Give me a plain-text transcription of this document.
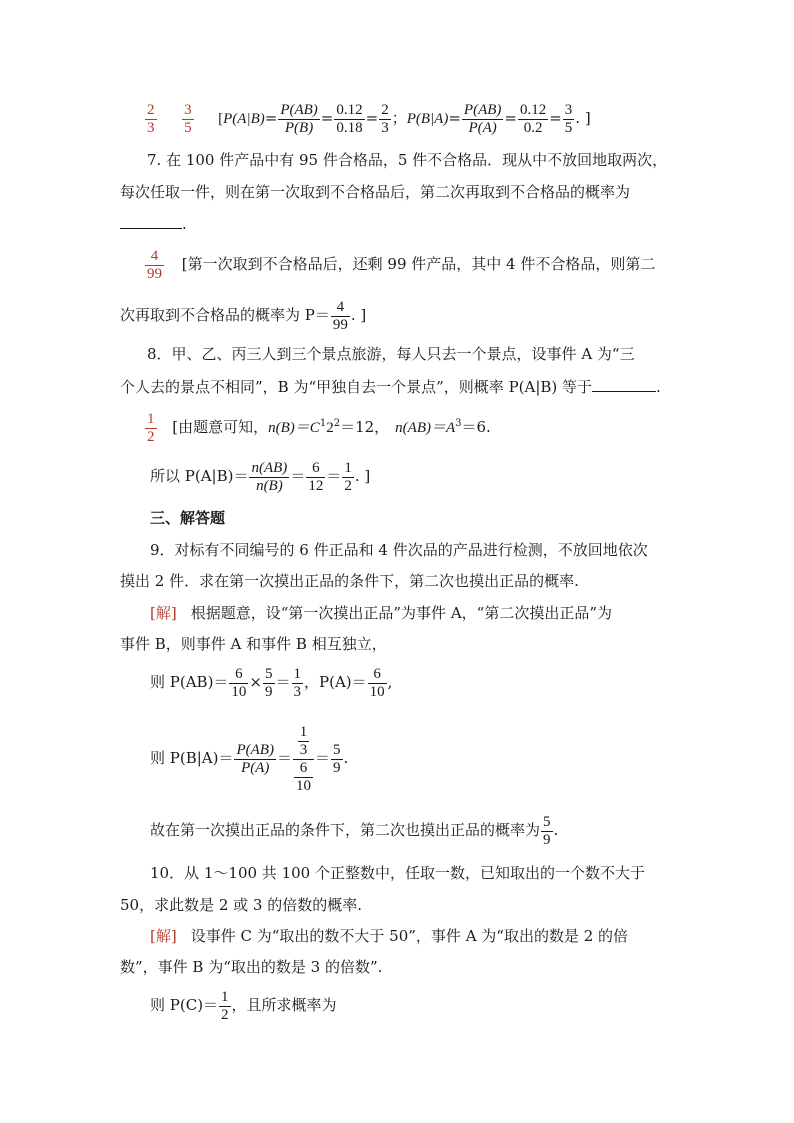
$\frac{2}{3}$
$\frac{3}{5} [P(A|B)= \frac{P(AB)}{P(B)} = \frac{0.12}{0.18} = \frac{2}{3}$ ；$P(B|A)= \frac{P(AB)}{P(A)} = \frac{0.12}{0.2} = \frac{3}{5}$ . ]
7. 在 100 件产品中有 95 件合格品，5 件不合格品．现从中不放回地取两次，
每次任取一件，则在第一次取到不合格品后，第二次再取到不合格品的概率为
.
$\frac{4}{99}$ [第一次取到不合格品后，还剩 99 件产品，其中 4 件不合格品，则第二
次再取到不合格品的概率为 $P= \frac{4}{99}$ . ]
8．甲、乙、丙三人到三个景点旅游，每人只去一个景点，设事件 A 为“三
个人去的景点不相同”，B 为“甲独自去一个景点”，则概率 P(A|B) 等于	.
$\frac{1}{2}$ [由题意可知，$n(B)=C^12^2=12$， $n(AB)=A^3=6$.
所以 $P(A|B)= \frac{n(AB)}{n(B)} = \frac{6}{12} = \frac{1}{2}$ . ]
三、解答题
9．对标有不同编号的 6 件正品和 4 件次品的产品进行检测，不放回地依次
摸出 2 件．求在第一次摸出正品的条件下，第二次也摸出正品的概率.
[解] 根据题意，设“第一次摸出正品”为事件 A，“第二次摸出正品”为
事件 B，则事件 A 和事件 B 相互独立，
则 $P(AB)= \frac{6}{10} \times \frac{5}{9} = \frac{1}{3}$ ，$P(A)= \frac{6}{10}$ ,
则 $P(B|A)= \frac{P(AB)}{P(A)} = \frac{\frac{1}{3}}{\frac{6}{10}} = \frac{5}{9}$ .
故在第一次摸出正品的条件下，第二次也摸出正品的概率为 $\frac{5}{9}$ .
10．从 1～100 共 100 个正整数中，任取一数，已知取出的一个数不大于
50，求此数是 2 或 3 的倍数的概率.
[解] 设事件 C 为“取出的数不大于 50”，事件 A 为“取出的数是 2 的倍
数”，事件 B 为“取出的数是 3 的倍数”.
则 $P(C)= \frac{1}{2}$ ，且所求概率为
